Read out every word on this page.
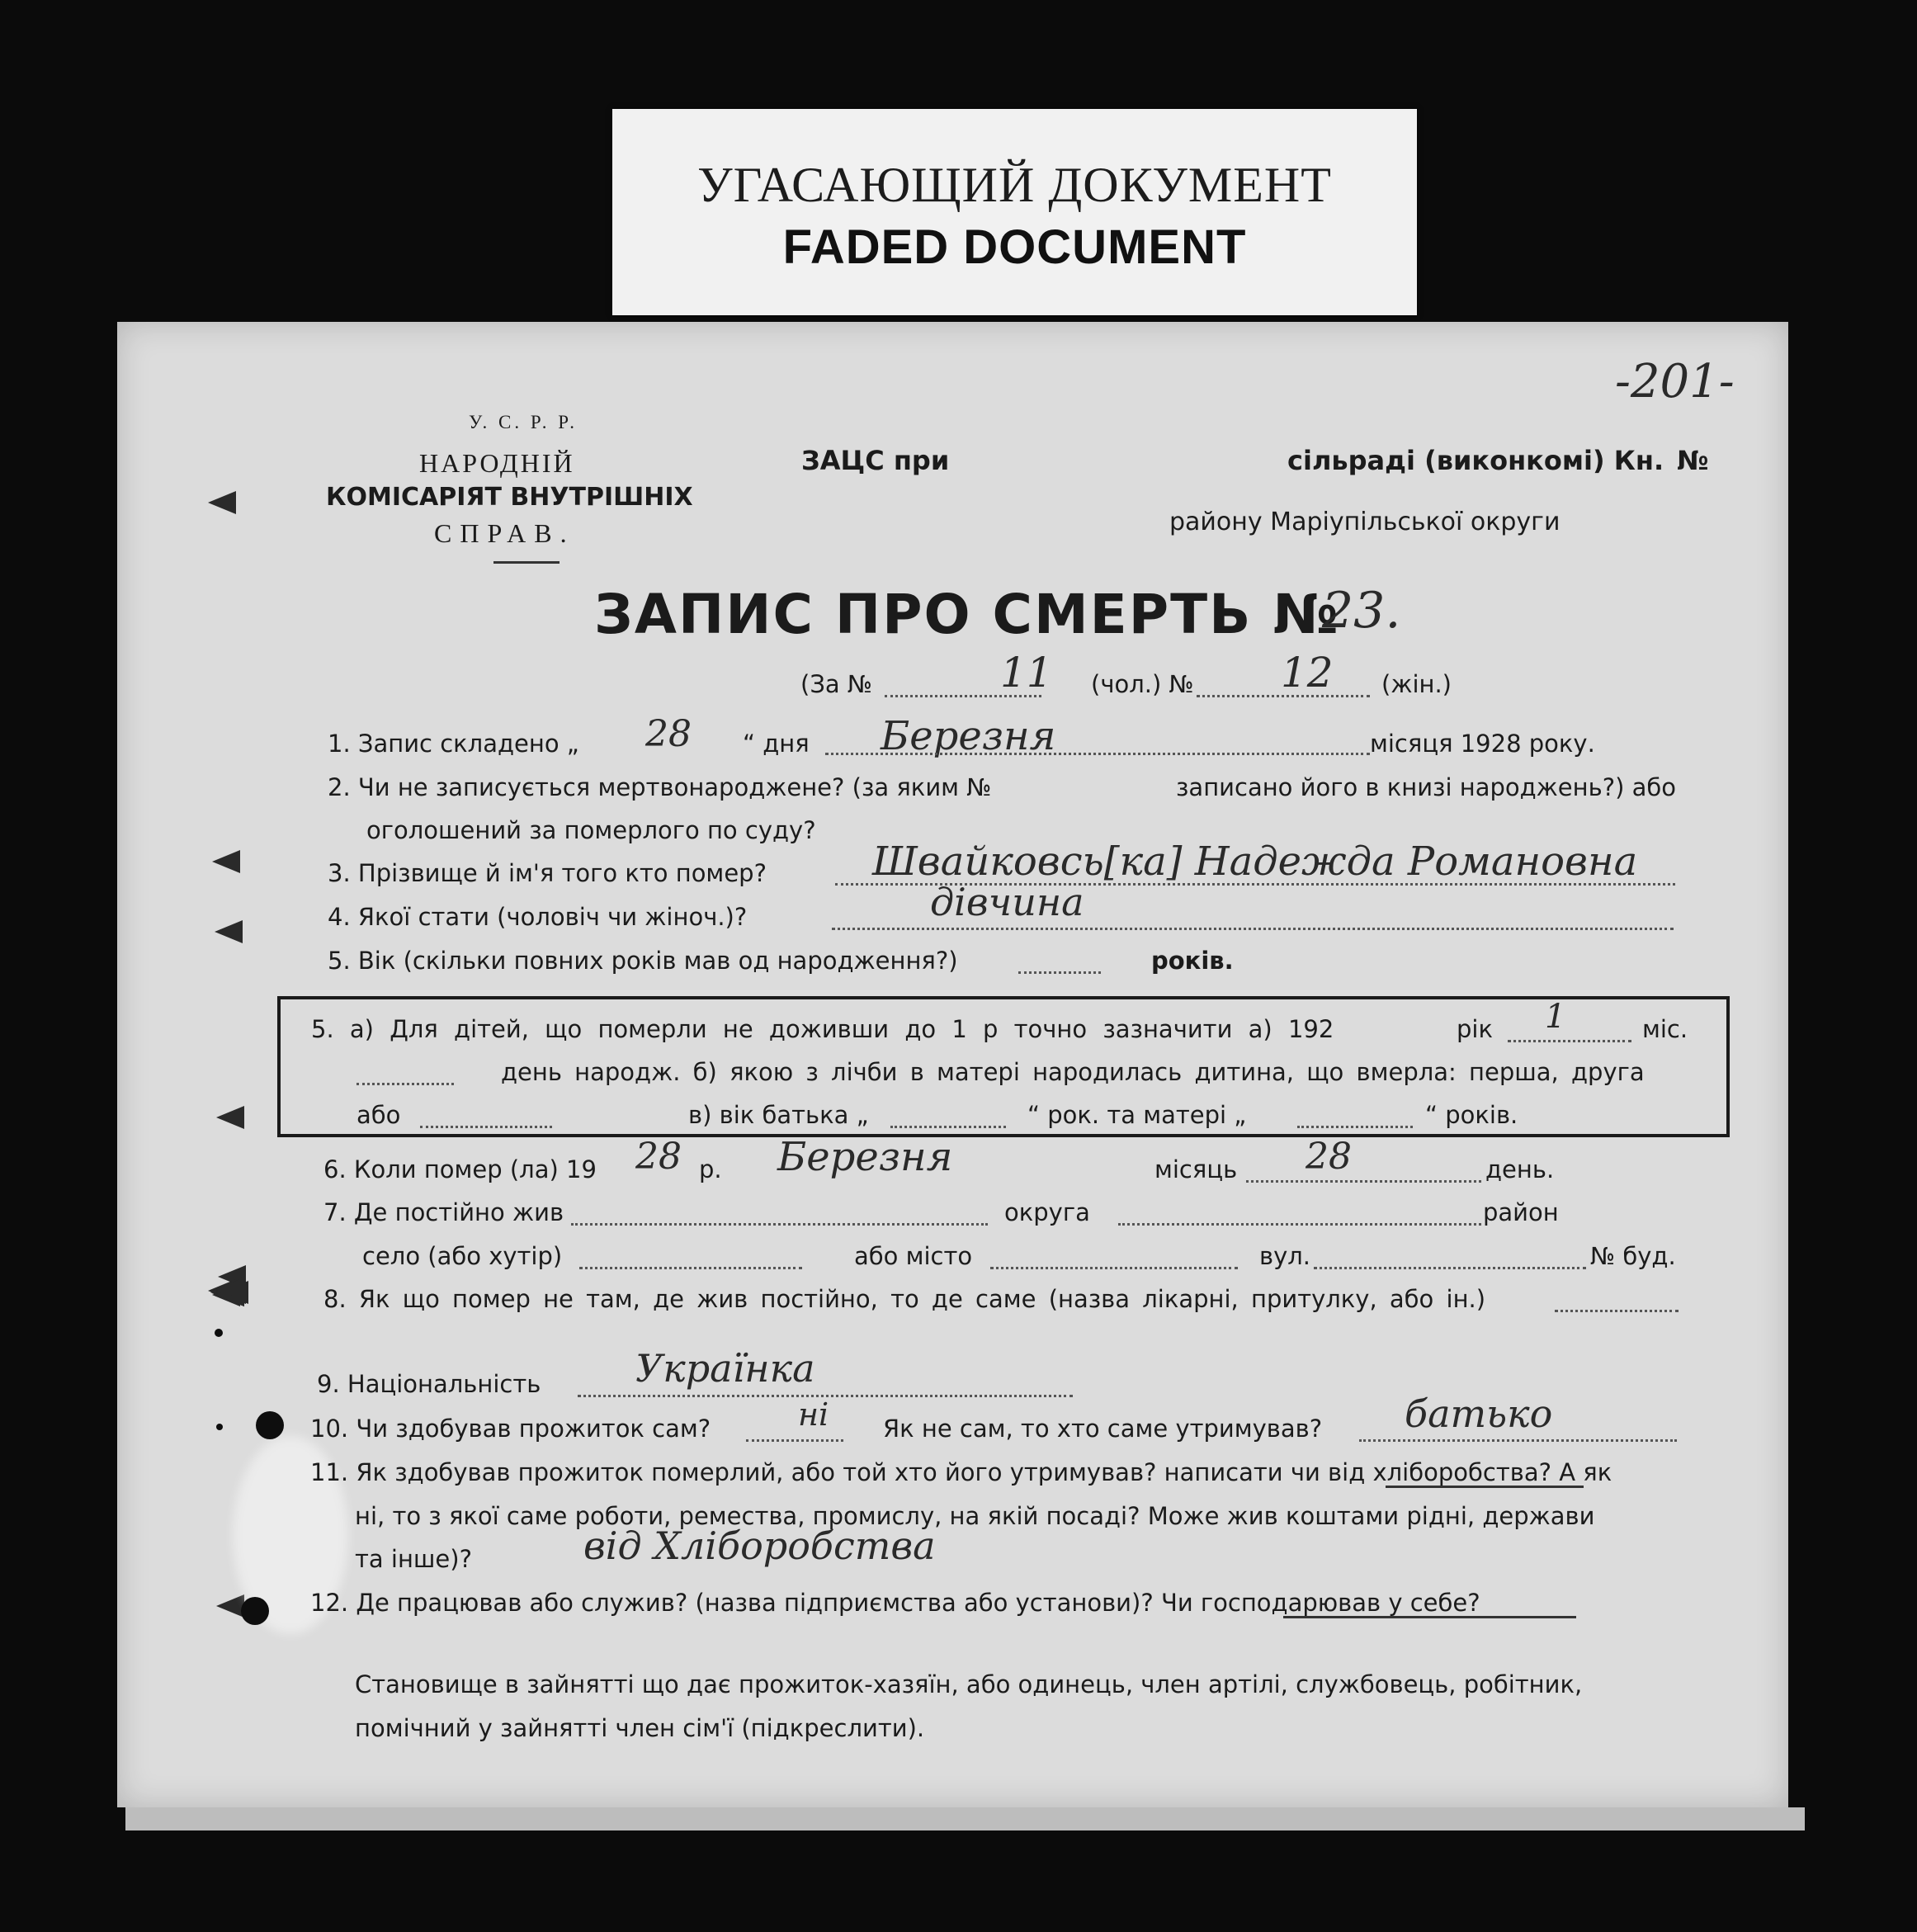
УГАСАЮЩИЙ ДОКУМЕНТ
FADED DOCUMENT
-201-
У. С. Р. Р.
НАРОДНІЙ
КОМІСАРІЯТ ВНУТРІШНІХ
СПРАВ.
ЗАЦС при	сільраді (виконкомі) Кн. №
району Маріупільської округи
ЗАПИС ПРО СМЕРТЬ №
23.
(За №	11 (чол.) № 12 (жін.)
1. Запис складено „ 28 “ дня Березня	місяця 1928 року.
2. Чи не записується мертвонароджене? (за яким №	записано його в книзі народжень?) або
оголошений за померлого по суду?
3. Прізвище й ім'я того кто помер?	Швайковсь[ка] Надежда Романовна
4. Якої стати (чоловіч чи жіноч.)?	дівчина
5. Вік (скільки повних років мав од народження?)	років.
5. а) Для дітей, що померли не доживши до 1 р точно зазначити а) 192	рік 1	міс.
день народж. б) якою з лічби в матері народилась дитина, що вмерла: перша, друга
або	в) вік батька „	“ рок. та матері „	“ років.
6. Коли помер (ла) 19 28 р. Березня	місяць 28	день.
7. Де постійно жив	округа	район
село (або хутір)	або місто	вул.	№ буд.
8. Як що помер не там, де жив постійно, то де саме (назва лікарні, притулку, або ін.)
9. Національність Українка
10. Чи здобував прожиток сам?	ні Як не сам, то хто саме утримував? батько
11. Як здобував прожиток померлий, або той хто його утримував? написати чи від хліборобства? А як
ні, то з якої саме роботи, ремества, промислу, на якій посаді? Може жив коштами рідні, держави
та інше)?	від Хліборобства
12. Де працював або служив? (назва підприємства або установи)? Чи господарював у себе?
Становище в зайнятті що дає прожиток-хазяїн, або одинець, член артілі, службовець, робітник,
помічний у зайнятті член сім'ї (підкреслити).
